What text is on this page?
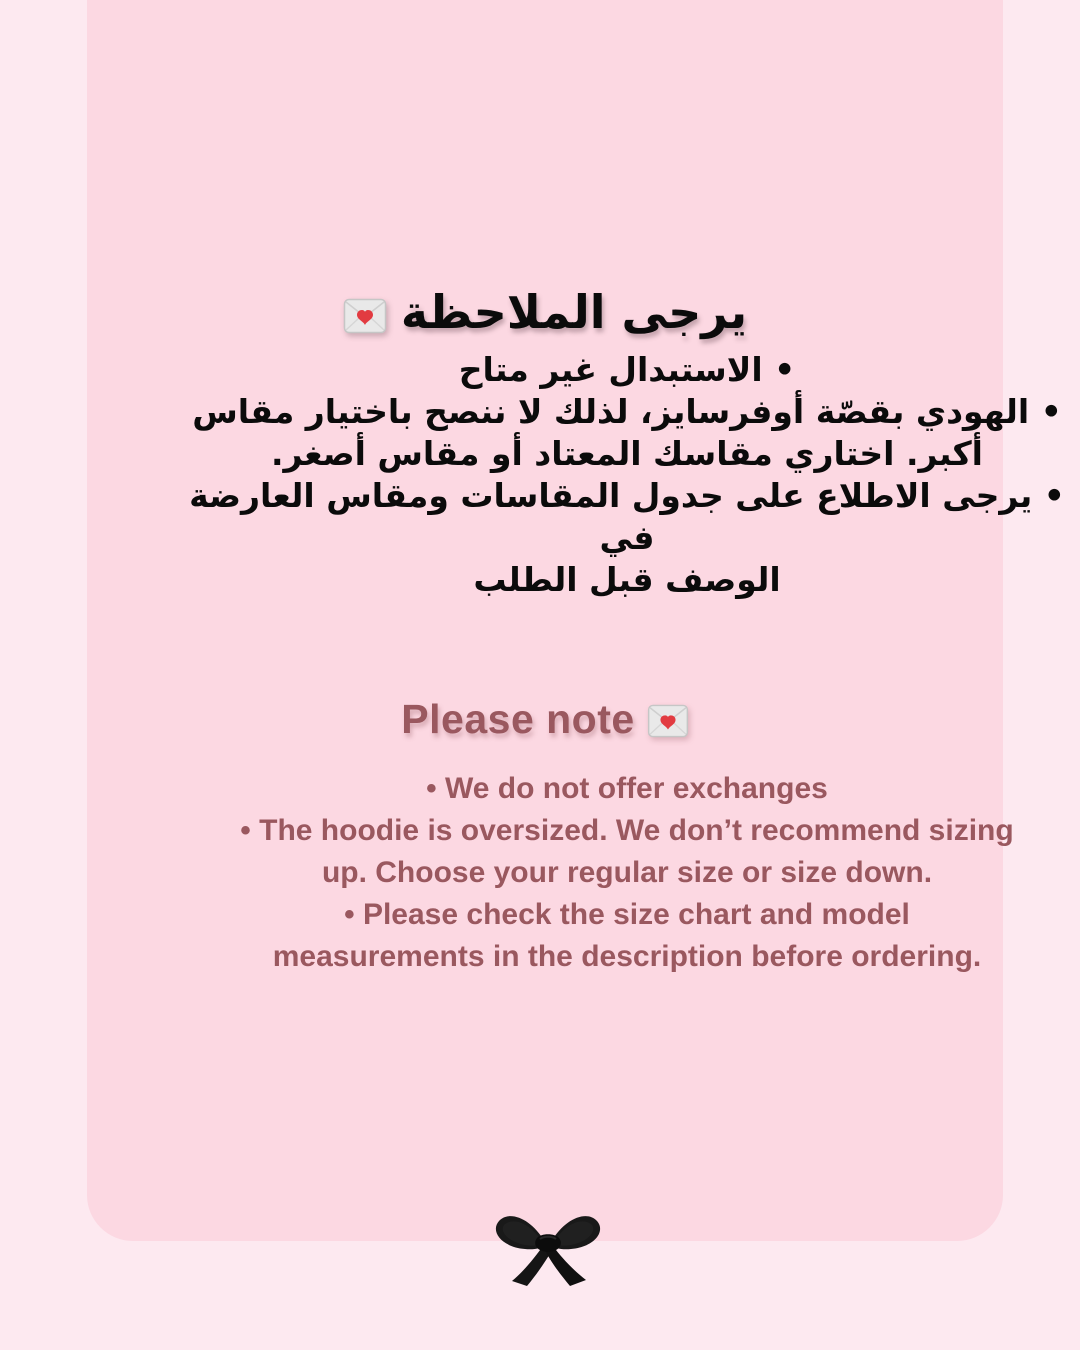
يرجى الملاحظة
• الاستبدال غير متاح
• الهودي بقصّة أوفرسايز، لذلك لا ننصح باختيار مقاس
أكبر. اختاري مقاسك المعتاد أو مقاس أصغر.
• يرجى الاطلاع على جدول المقاسات ومقاس العارضة في
الوصف قبل الطلب
Please note
• We do not offer exchanges
• The hoodie is oversized. We don’t recommend sizing
up. Choose your regular size or size down.
• Please check the size chart and model
measurements in the description before ordering.
